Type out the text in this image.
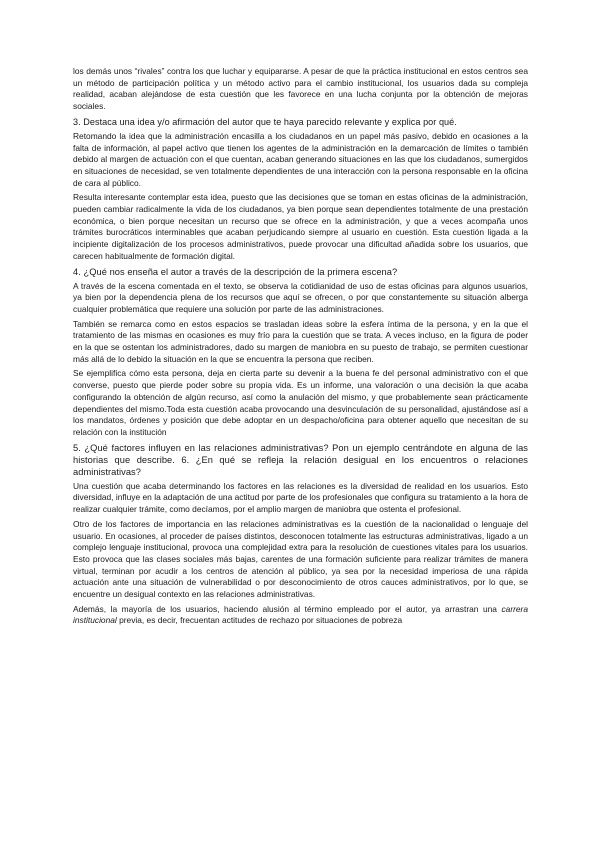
los demás unos “rivales” contra los que luchar y equipararse. A pesar de que la práctica institucional en estos centros sea un método de participación política y un método activo para el cambio institucional, los usuarios dada su compleja realidad, acaban alejándose de esta cuestión que les favorece en una lucha conjunta por la obtención de mejoras sociales.

3. Destaca una idea y/o afirmación del autor que te haya parecido relevante y explica por qué.

Retomando la idea que la administración encasilla a los ciudadanos en un papel más pasivo, debido en ocasiones a la falta de información, al papel activo que tienen los agentes de la administración en la demarcación de límites o también debido al margen de actuación con el que cuentan, acaban generando situaciones en las que los ciudadanos, sumergidos en situaciones de necesidad, se ven totalmente dependientes de una interacción con la persona responsable en la oficina de cara al público.

Resulta interesante contemplar esta idea, puesto que las decisiones que se toman en estas oficinas de la administración, pueden cambiar radicalmente la vida de los ciudadanos, ya bien porque sean dependientes totalmente de una prestación económica, o bien porque necesitan un recurso que se ofrece en la administración, y que a veces acompaña unos trámites burocráticos interminables que acaban perjudicando siempre al usuario en cuestión. Esta cuestión ligada a la incipiente digitalización de los procesos administrativos, puede provocar una dificultad añadida sobre los usuarios, que carecen habitualmente de formación digital.

4. ¿Qué nos enseña el autor a través de la descripción de la primera escena?

A través de la escena comentada en el texto, se observa la cotidianidad de uso de estas oficinas para algunos usuarios, ya bien por la dependencia plena de los recursos que aquí se ofrecen, o por que constantemente su situación alberga cualquier problemática que requiere una solución por parte de las administraciones.

También se remarca como en estos espacios se trasladan ideas sobre la esfera íntima de la persona, y en la que el tratamiento de las mismas en ocasiones es muy frío para la cuestión que se trata. A veces incluso, en la figura de poder en la que se ostentan los administradores, dado su margen de maniobra en su puesto de trabajo, se permiten cuestionar más allá de lo debido la situación en la que se encuentra la persona que reciben.

Se ejemplifica cómo esta persona, deja en cierta parte su devenir a la buena fe del personal administrativo con el que converse, puesto que pierde poder sobre su propia vida. Es un informe, una valoración o una decisión la que acaba configurando la obtención de algún recurso, así como la anulación del mismo, y que probablemente sean prácticamente dependientes del mismo.Toda esta cuestión acaba provocando una desvinculación de su personalidad, ajustándose así a los mandatos, órdenes y posición que debe adoptar en un despacho/oficina para obtener aquello que necesitan de su relación con la institución

5. ¿Qué factores influyen en las relaciones administrativas? Pon un ejemplo centrándote en alguna de las historias que describe. 6. ¿En qué se refleja la relación desigual en los encuentros o relaciones administrativas?

Una cuestión que acaba determinando los factores en las relaciones es la diversidad de realidad en los usuarios. Esto diversidad, influye en la adaptación de una actitud por parte de los profesionales que configura su tratamiento a la hora de realizar cualquier trámite, como decíamos, por el amplio margen de maniobra que ostenta el profesional.

Otro de los factores de importancia en las relaciones administrativas es la cuestión de la nacionalidad o lenguaje del usuario. En ocasiones, al proceder de países distintos, desconocen totalmente las estructuras administrativas, ligado a un complejo lenguaje institucional, provoca una complejidad extra para la resolución de cuestiones vitales para los usuarios. Esto provoca que las clases sociales más bajas, carentes de una formación suficiente para realizar trámites de manera virtual, terminan por acudir a los centros de atención al público, ya sea por la necesidad imperiosa de una rápida actuación ante una situación de vulnerabilidad o por desconocimiento de otros cauces administrativos, por lo que, se encuentre un desigual contexto en las relaciones administrativas.

Además, la mayoría de los usuarios, haciendo alusión al término empleado por el autor, ya arrastran una carrera institucional previa, es decir, frecuentan actitudes de rechazo por situaciones de pobreza
